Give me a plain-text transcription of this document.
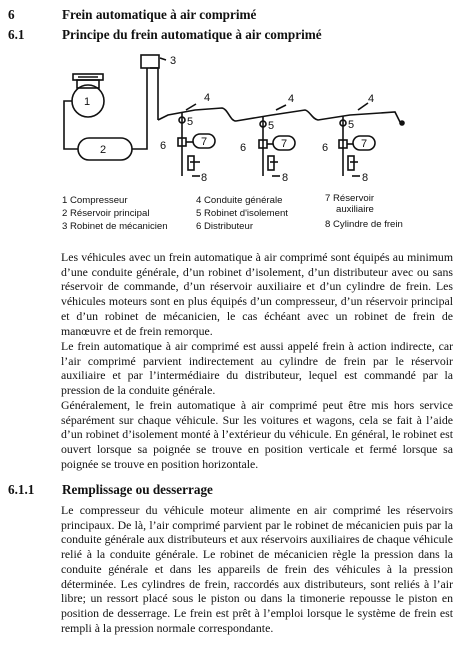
6	Frein automatique à air comprimé
6.1	Principe du frein automatique à air comprimé
1
2
3
4	4	4
5	5	5
6	6	6
7	7	7
8	8	8
1 Compresseur
2 Réservoir principal
3 Robinet de mécanicien
4 Conduite générale
5 Robinet d'isolement
6 Distributeur
7 Réservoir
auxiliaire
8 Cylindre de frein

Les véhicules avec un frein automatique à air comprimé sont équipés au minimum d’une conduite générale, d’un robinet d’isolement, d’un distributeur avec ou sans réservoir de commande, d’un réservoir auxiliaire et d’un cylindre de frein. Les véhicules moteurs sont en plus équipés d’un compresseur, d’un réservoir principal et d’un robinet de mécanicien, le cas échéant avec un robinet de frein de manœuvre et de frein remorque.

Le frein automatique à air comprimé est aussi appelé frein à action indirecte, car l’air comprimé parvient indirectement au cylindre de frein par le réservoir auxiliaire et par l’intermédiaire du distributeur, lequel est commandé par la pression de la conduite générale.

Généralement, le frein automatique à air comprimé peut être mis hors service séparément sur chaque véhicule. Sur les voitures et wagons, cela se fait à l’aide d’un robinet d’isolement monté à l’extérieur du véhicule. En général, le robinet est ouvert lorsque sa poignée se trouve en position verticale et fermé lorsque sa poignée se trouve en position horizontale.

6.1.1 Remplissage ou desserrage

Le compresseur du véhicule moteur alimente en air comprimé les réservoirs principaux. De là, l’air comprimé parvient par le robinet de mécanicien puis par la conduite générale aux distributeurs et aux réservoirs auxiliaires de chaque véhicule relié à la conduite générale. Le robinet de mécanicien règle la pression dans la conduite générale et dans les appareils de frein des véhicules à la pression déterminée. Les cylindres de frein, raccordés aux distributeurs, sont reliés à l’air libre; un ressort placé sous le piston ou dans la timonerie repousse le piston en position de desserrage. Le frein est prêt à l’emploi lorsque le système de frein est rempli à la pression normale correspondante.
